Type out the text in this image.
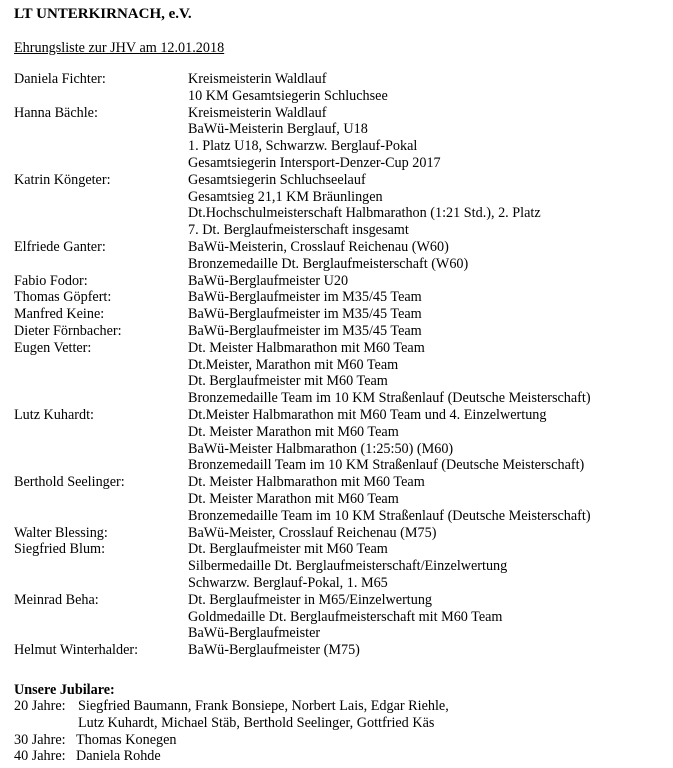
LT UNTERKIRNACH, e.V.
Ehrungsliste zur JHV am 12.01.2018
Daniela Fichter:	Kreismeisterin Waldlauf
10 KM Gesamtsiegerin Schluchsee
Hanna Bächle:	Kreismeisterin Waldlauf
BaWü-Meisterin Berglauf, U18
1. Platz U18, Schwarzw. Berglauf-Pokal
Gesamtsiegerin Intersport-Denzer-Cup 2017
Katrin Köngeter:	Gesamtsiegerin Schluchseelauf
Gesamtsieg 21,1 KM Bräunlingen
Dt.Hochschulmeisterschaft Halbmarathon (1:21 Std.), 2. Platz
7. Dt. Berglaufmeisterschaft insgesamt
Elfriede Ganter:	BaWü-Meisterin, Crosslauf Reichenau (W60)
Bronzemedaille Dt. Berglaufmeisterschaft (W60)
Fabio Fodor:	BaWü-Berglaufmeister U20
Thomas Göpfert:	BaWü-Berglaufmeister im M35/45 Team
Manfred Keine:	BaWü-Berglaufmeister im M35/45 Team
Dieter Förnbacher:	BaWü-Berglaufmeister im M35/45 Team
Eugen Vetter:	Dt. Meister Halbmarathon mit M60 Team
Dt.Meister, Marathon mit M60 Team
Dt. Berglaufmeister mit M60 Team
Bronzemedaille Team im 10 KM Straßenlauf (Deutsche Meisterschaft)
Lutz Kuhardt:	Dt.Meister Halbmarathon mit M60 Team und 4. Einzelwertung
Dt. Meister Marathon mit M60 Team
BaWü-Meister Halbmarathon (1:25:50) (M60)
Bronzemedaill Team im 10 KM Straßenlauf (Deutsche Meisterschaft)
Berthold Seelinger:	Dt. Meister Halbmarathon mit M60 Team
Dt. Meister Marathon mit M60 Team
Bronzemedaille Team im 10 KM Straßenlauf (Deutsche Meisterschaft)
Walter Blessing:	BaWü-Meister, Crosslauf Reichenau (M75)
Siegfried Blum:	Dt. Berglaufmeister mit M60 Team
Silbermedaille Dt. Berglaufmeisterschaft/Einzelwertung
Schwarzw. Berglauf-Pokal, 1. M65
Meinrad Beha:	Dt. Berglaufmeister in M65/Einzelwertung
Goldmedaille Dt. Berglaufmeisterschaft mit M60 Team
BaWü-Berglaufmeister
Helmut Winterhalder:	BaWü-Berglaufmeister (M75)
Unsere Jubilare:
20 Jahre: Siegfried Baumann, Frank Bonsiepe, Norbert Lais, Edgar Riehle,
Lutz Kuhardt, Michael Stäb, Berthold Seelinger, Gottfried Käs
30 Jahre: Thomas Konegen
40 Jahre: Daniela Rohde
